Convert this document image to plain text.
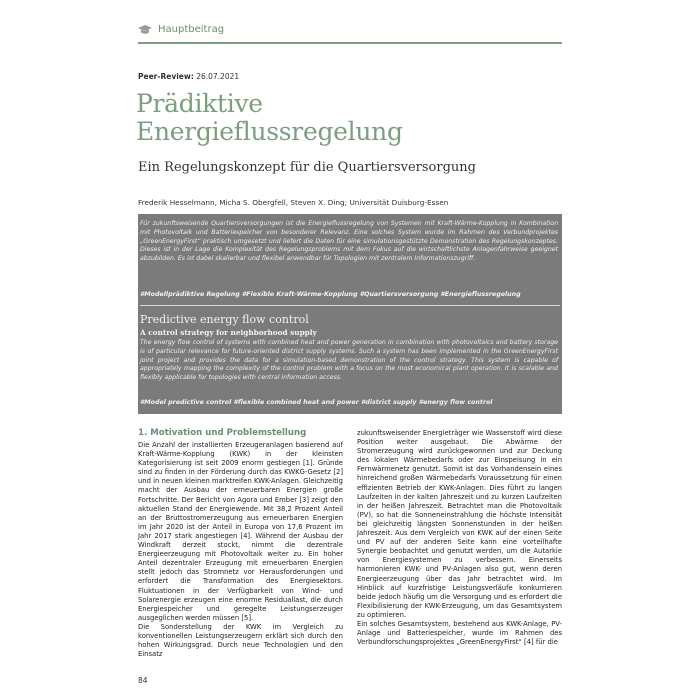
Hauptbeitrag
Peer-Review: 26.07.2021
Prädiktive
Energieflussregelung
Ein Regelungskonzept für die Quartiersversorgung
Frederik Hesselmann, Micha S. Obergfell, Steven X. Ding; Universität Duisburg-Essen
Für zukunftsweisende Quartiersversorgungen ist die Energieflussregelung von Systemen mit Kraft-Wärme-Kopplung in Kombination mit Photovoltaik und Batteriespeicher von besonderer Relevanz. Eine solches System wurde im Rahmen des Verbundprojektes „GreenEnergyFirst“ praktisch umgesetzt und liefert die Daten für eine simulationsgestützte Demonstration des Regelungskonzeptes. Dieses ist in der Lage die Komplexität des Regelungsproblems mit dem Fokus auf die wirtschaftlichste Anlagenfahrweise geeignet abzubilden. Es ist dabei skalierbar und flexibel anwendbar für Topologien mit zentralem Informationszugriff.
#Modellprädiktive Regelung #Flexible Kraft-Wärme-Kopplung #Quartiersversorgung #Energieflussregelung
Predictive energy flow control
A control strategy for neighborhood supply
The energy flow control of systems with combined heat and power generation in combination with photovoltaics and battery storage is of particular relevance for future-oriented district supply systems. Such a system has been implemented in the GreenEnergyFirst joint project and provides the data for a simulation-based demonstration of the control strategy. This system is capable of appropriately mapping the complexity of the control problem with a focus on the most economical plant operation. It is scalable and flexibly applicable for topologies with central information access.
#Model predictive control #flexible combined heat and power #district supply #energy flow control
1. Motivation und Problemstellung

Die Anzahl der installierten Erzeugeranlagen basierend auf Kraft-Wärme-Kopplung (KWK) in der kleinsten Kategorisierung ist seit 2009 enorm gestiegen [1]. Gründe sind zu finden in der Förderung durch das KWKG-Gesetz [2] und in neuen kleinen marktreifen KWK-Anlagen. Gleichzeitig macht der Ausbau der erneuerbaren Energien große Fortschritte. Der Bericht von Agora und Ember [3] zeigt den aktuellen Stand der Energiewende. Mit 38,2 Prozent Anteil an der Bruttostromerzeugung aus erneuerbaren Energien im Jahr 2020 ist der Anteil in Europa von 17,6 Prozent im Jahr 2017 stark angestiegen [4]. Während der Ausbau der Windkraft derzeit stockt, nimmt die dezentrale Energieerzeugung mit Photovoltaik weiter zu. Ein hoher Anteil dezentraler Erzeugung mit erneuerbaren Energien stellt jedoch das Stromnetz vor Herausforderungen und erfordert die Transformation des Energiesektors. Fluktuationen in der Verfügbarkeit von Wind- und Solarenergie erzeugen eine enorme Residuallast, die durch Energiespeicher und geregelte Leistungserzeuger ausgeglichen werden müssen [5].

Die Sonderstellung der KWK im Vergleich zu konventionellen Leistungserzeugern erklärt sich durch den hohen Wirkungsgrad. Durch neue Technologien und den Einsatz

zukunftsweisender Energieträger wie Wasserstoff wird diese Position weiter ausgebaut. Die Abwärme der Stromerzeugung wird zurückgewonnen und zur Deckung des lokalen Wärmebedarfs oder zur Einspeisung in ein Fernwärmenetz genutzt. Somit ist das Vorhandensein eines hinreichend großen Wärmebedarfs Voraussetzung für einen effizienten Betrieb der KWK-Anlagen. Dies führt zu langen Laufzeiten in der kalten Jahreszeit und zu kurzen Laufzeiten in der heißen Jahreszeit. Betrachtet man die Photovoltaik (PV), so hat die Sonneneinstrahlung die höchste Intensität bei gleichzeitig längsten Sonnenstunden in der heißen Jahreszeit. Aus dem Vergleich von KWK auf der einen Seite und PV auf der anderen Seite kann eine vorteilhafte Synergie beobachtet und genutzt werden, um die Autarkie von Energiesystemen zu verbessern. Einerseits harmonieren KWK- und PV-Anlagen also gut, wenn deren Energieerzeugung über das Jahr betrachtet wird. Im Hinblick auf kurzfristige Leistungsverläufe konkurrieren beide jedoch häufig um die Versorgung und es erfordert die Flexibilisierung der KWK-Erzeugung, um das Gesamtsystem zu optimieren.

Ein solches Gesamtsystem, bestehend aus KWK-Anlage, PV-Anlage und Batteriespeicher, wurde im Rahmen des Verbundforschungsprojektes „GreenEnergyFirst“ [4] für die

84
